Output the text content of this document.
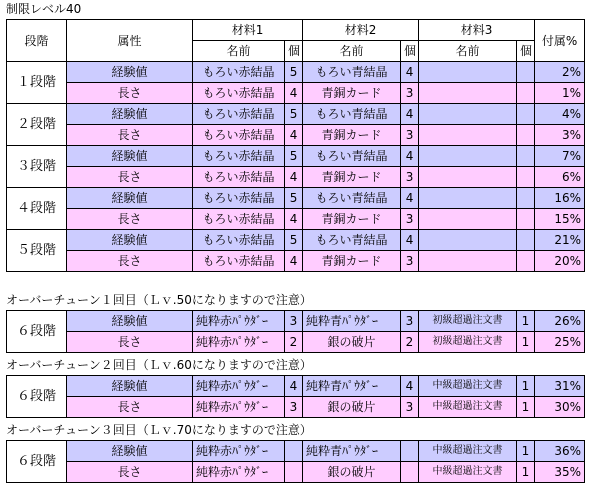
制限レベル40
段階	属性	材料1		材料2		材料3		付属%
		名前	個	名前	個	名前	個	
１段階	経験値	もろい赤結晶	5	もろい青結晶	4			2%
	長さ	もろい赤結晶	4	青銅カード	3			1%
２段階	経験値	もろい赤結晶	5	もろい青結晶	4			4%
	長さ	もろい赤結晶	4	青銅カード	3			3%
３段階	経験値	もろい赤結晶	5	もろい青結晶	4			7%
	長さ	もろい赤結晶	4	青銅カード	3			6%
４段階	経験値	もろい赤結晶	5	もろい青結晶	4			16%
	長さ	もろい赤結晶	4	青銅カード	3			15%
５段階	経験値	もろい赤結晶	5	もろい青結晶	4			21%
	長さ	もろい赤結晶	4	青銅カード	3			20%
オーバーチューン１回目（Ｌｖ.50になりますので注意）
６段階	経験値	純粋赤ﾊﾟｳﾀﾞｰ	3	純粋青ﾊﾟｳﾀﾞｰ	3	初級超過注文書	1	26%
	長さ	純粋赤ﾊﾟｳﾀﾞｰ	2	銀の破片	2	初級超過注文書	1	25%
オーバーチューン２回目（Ｌｖ.60になりますので注意）
６段階	経験値	純粋赤ﾊﾟｳﾀﾞｰ	4	純粋青ﾊﾟｳﾀﾞｰ	4	中級超過注文書	1	31%
	長さ	純粋赤ﾊﾟｳﾀﾞｰ	3	銀の破片	3	中級超過注文書	1	30%
オーバーチューン３回目（Ｌｖ.70になりますので注意）
６段階	経験値	純粋赤ﾊﾟｳﾀﾞｰ		純粋青ﾊﾟｳﾀﾞｰ		中級超過注文書	1	36%
	長さ	純粋赤ﾊﾟｳﾀﾞｰ		銀の破片		中級超過注文書	1	35%
